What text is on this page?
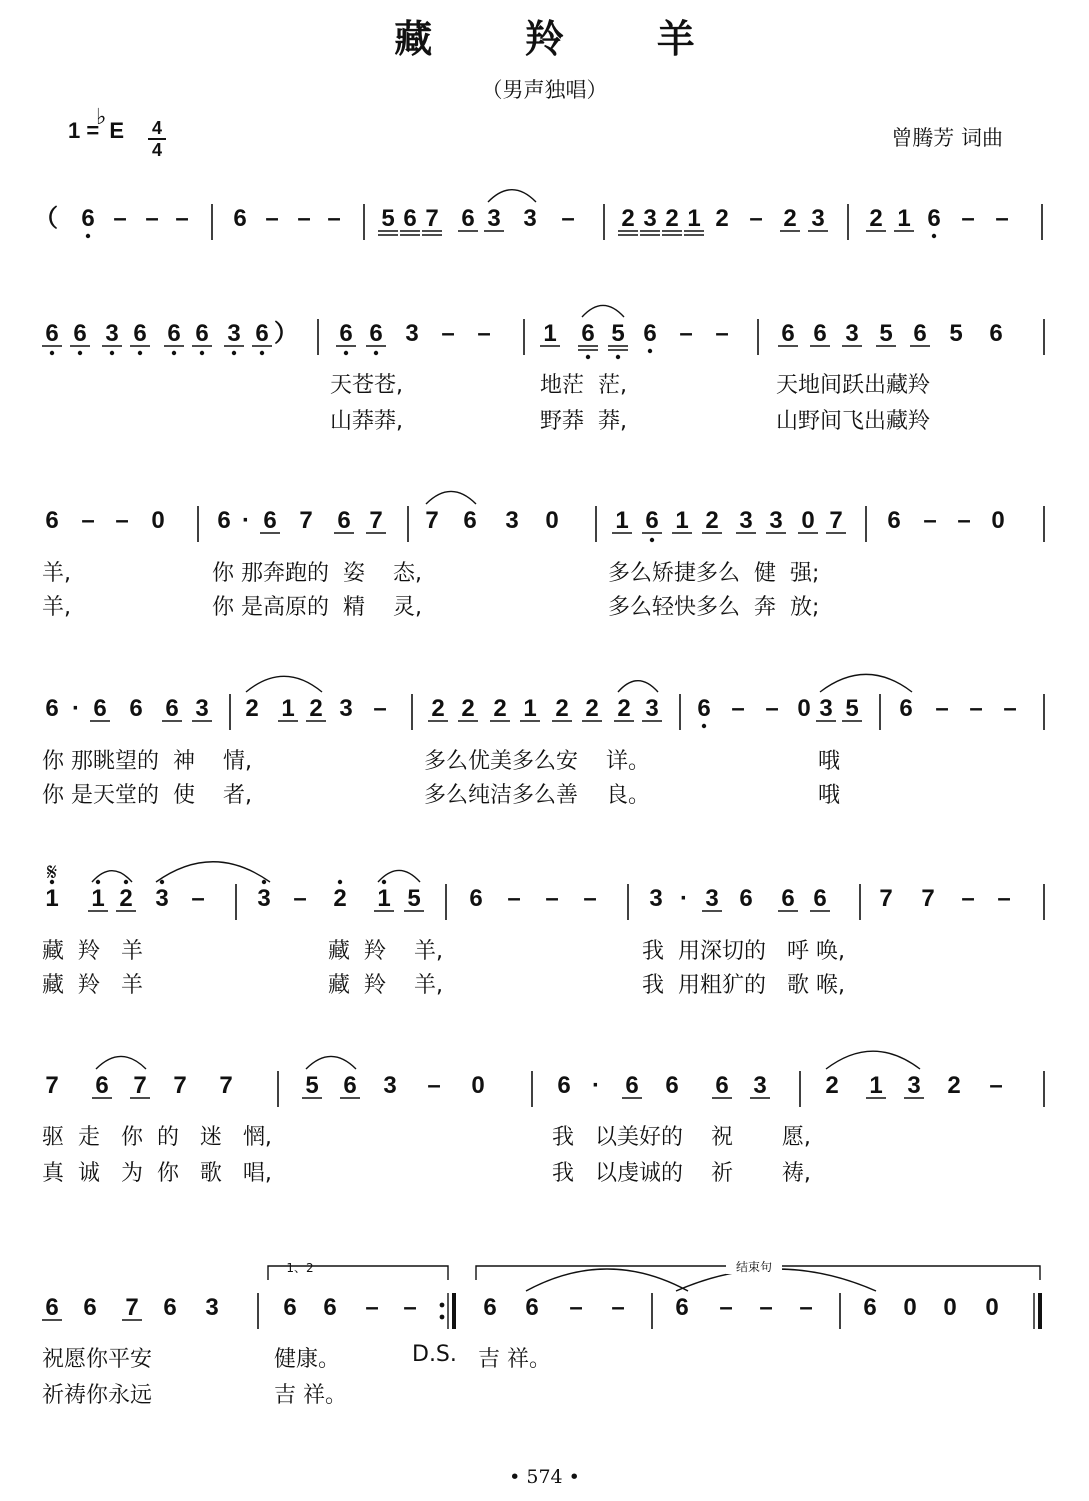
藏 羚 羊
（男声独唱）
1 =
♭
E	4
4	曾腾芳 词曲
（ 6 – – – 6 – – – 5 6 7 6 3 3 – 2 3 2 1 2 – 2 3 2 1 6 – –
6 6 3 6 6 6 3 6 ） 6 6 3 – – 1 6 5 6 – – 6 6 3 5 6 5 6
6 – – 0 6 · 6 7 6 7 7 6 3 0 1 6 1 2 3 3 0 7 6 – – 0
6 · 6 6 6 3 2 1 2 3 – 2 2 2 1 2 2 2 3 6 – – 0 3 5 6 – – –
1 1 2 3 – 3 – 2 1 5 6 – – – 3 · 3 6 6 6 7 7 – –
7 6 7 7 7	5 6 3 – 0	6 · 6 6 6 3 2 1 3 2 –
6 6 7 6 3	6 6 – –	6 6 – – 6 – – – 6 0 0 0
𝄋
1、2	结束句
天苍苍,	地茫  茫,	天地间跃出藏羚
山莽莽,	野莽  莽,	山野间飞出藏羚
羊,	你 那奔跑的  姿    态,	多么矫捷多么  健  强;
羊,	你 是高原的  精    灵,	多么轻快多么  奔  放;
你 那眺望的  神    情,	多么优美多么安    详。	哦
你 是天堂的  使    者,	多么纯洁多么善    良。	哦
藏  羚   羊	藏  羚    羊,	我  用深切的   呼 唤,
藏  羚   羊	藏  羚    羊,	我  用粗犷的   歌 喉,
驱  走   你  的   迷   惘,	我   以美好的    祝       愿,
真  诚   为  你   歌   唱,	我   以虔诚的    祈       祷,
祝愿你平安	健康。	D.S. 吉 祥。
祈祷你永远	吉 祥。
• 574 •
